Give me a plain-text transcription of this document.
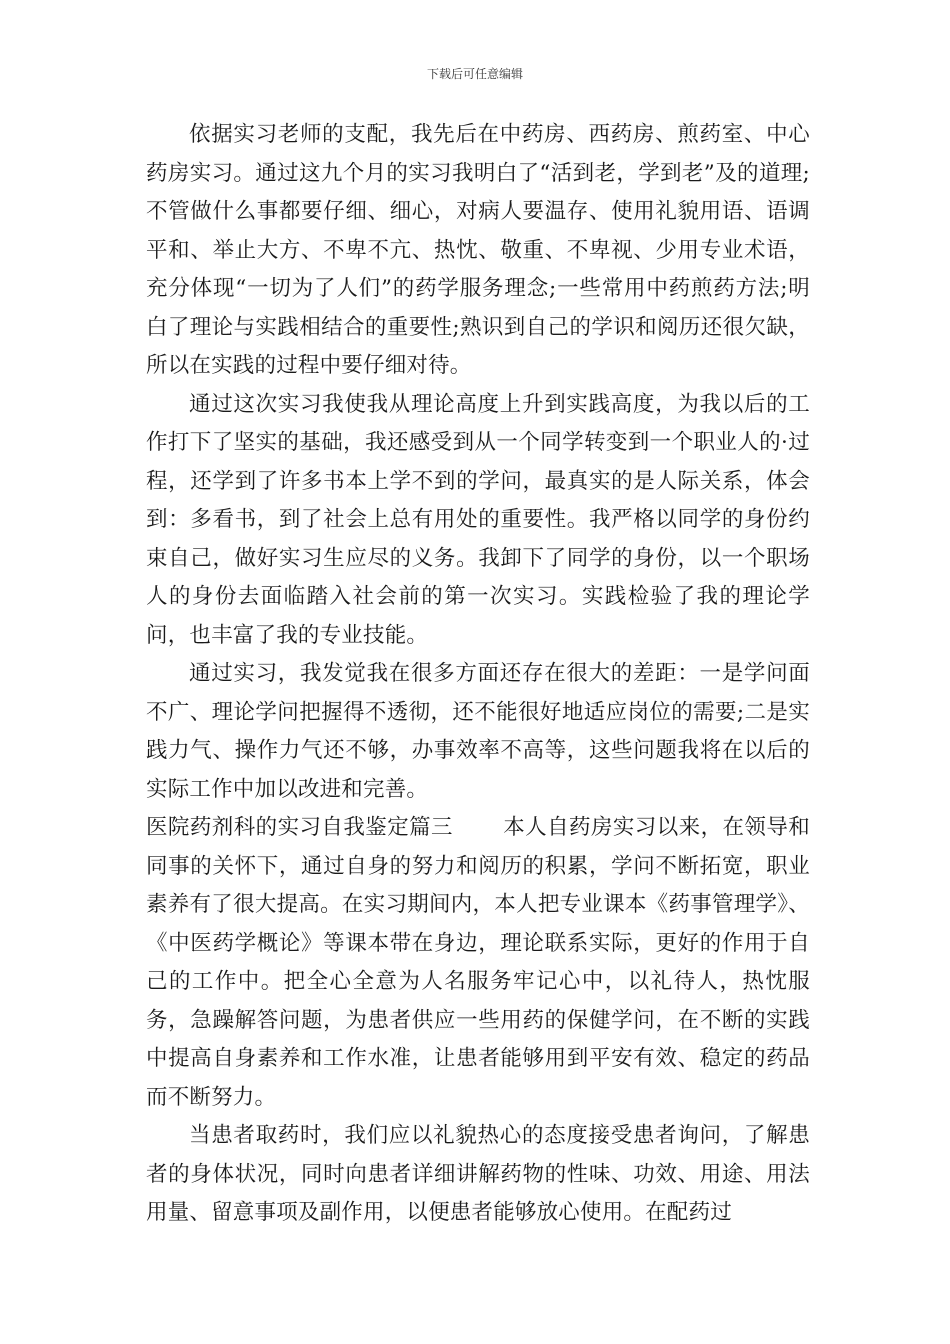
下载后可任意编辑

依据实习老师的支配，我先后在中药房、西药房、煎药室、中心药房实习。通过这九个月的实习我明白了“活到老，学到老”及的道理;不管做什么事都要仔细、细心，对病人要温存、使用礼貌用语、语调平和、举止大方、不卑不亢、热忱、敬重、不卑视、少用专业术语，充分体现“一切为了人们”的药学服务理念;一些常用中药煎药方法;明白了理论与实践相结合的重要性;熟识到自己的学识和阅历还很欠缺，所以在实践的过程中要仔细对待。

通过这次实习我使我从理论高度上升到实践高度，为我以后的工作打下了坚实的基础，我还感受到从一个同学转变到一个职业人的·过程，还学到了许多书本上学不到的学问，最真实的是人际关系，体会到：多看书，到了社会上总有用处的重要性。我严格以同学的身份约束自己，做好实习生应尽的义务。我卸下了同学的身份，以一个职场人的身份去面临踏入社会前的第一次实习。实践检验了我的理论学问，也丰富了我的专业技能。

通过实习，我发觉我在很多方面还存在很大的差距：一是学问面不广、理论学问把握得不透彻，还不能很好地适应岗位的需要;二是实践力气、操作力气还不够，办事效率不高等，这些问题我将在以后的实际工作中加以改进和完善。

医院药剂科的实习自我鉴定篇三 本人自药房实习以来，在领导和同事的关怀下，通过自身的努力和阅历的积累，学问不断拓宽，职业素养有了很大提高。在实习期间内，本人把专业课本《药事管理学》、《中医药学概论》等课本带在身边，理论联系实际，更好的作用于自己的工作中。把全心全意为人名服务牢记心中，以礼待人，热忱服务，急躁解答问题，为患者供应一些用药的保健学问，在不断的实践中提高自身素养和工作水准，让患者能够用到平安有效、稳定的药品而不断努力。

当患者取药时，我们应以礼貌热心的态度接受患者询问，了解患者的身体状况，同时向患者详细讲解药物的性味、功效、用途、用法用量、留意事项及副作用，以便患者能够放心使用。在配药过
